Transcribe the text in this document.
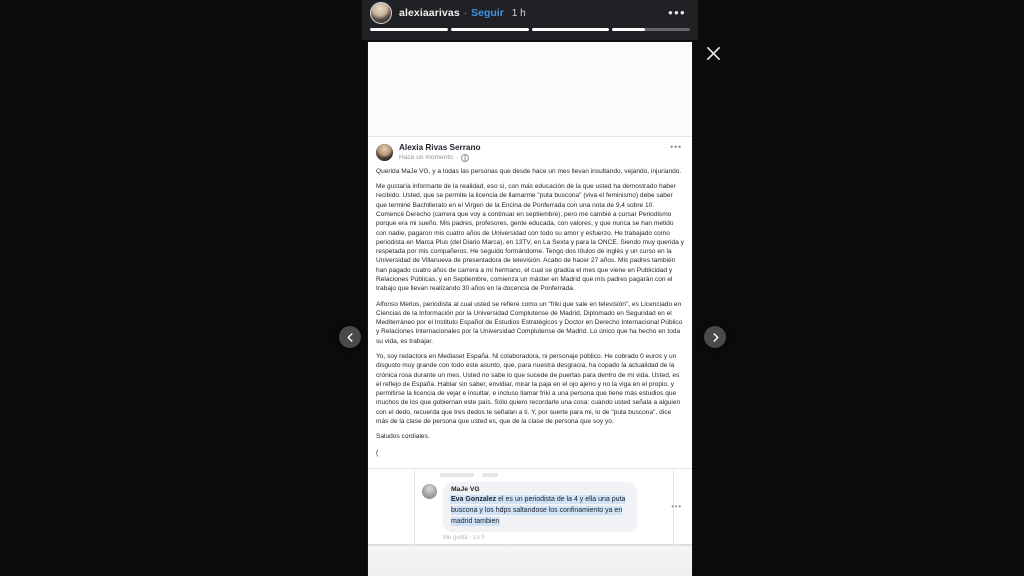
alexiaarivas · Seguir 1 h	•••
Alexia Rivas Serrano
Hace un momento ·
•••

Querida MaJe VG, y a todas las personas que desde hace un mes llevan insultando, vejando, injuriando.

Me gustaría informarte de la realidad, eso sí, con más educación de la que usted ha demostrado haber recibido. Usted, que se permite la licencia de llamarme "puta buscona" (viva el feminismo) debe saber que terminé Bachillerato en el Virgen de la Encina de Ponferrada con una nota de 9,4 sobre 10. Comencé Derecho (carrera que voy a continuar en septiembre), pero me cambié a cursar Periodismo porque era mi sueño. Mis padres, profesores, gente educada, con valores, y que nunca se han metido con nadie, pagaron mis cuatro años de Universidad con todo su amor y esfuerzo. He trabajado como periodista en Marca Plus (del Diario Marca), en 13TV, en La Sexta y para la ONCE. Siendo muy querida y respetada por mis compañeros. He seguido formándome. Tengo dos títulos de inglés y un curso en la Universidad de Villanueva de presentadora de televisión. Acabo de hacer 27 años. Mis padres también han pagado cuatro años de carrera a mi hermano, el cual se gradúa el mes que viene en Publicidad y Relaciones Públicas, y en Septiembre, comienza un máster en Madrid que mis padres pagarán con el trabajo que llevan realizando 30 años en la docencia de Ponferrada.

Alfonso Merlos, periodista al cual usted se refiere como un "friki que sale en televisión", es Licenciado en Ciencias de la Información por la Universidad Complutense de Madrid, Diplomado en Seguridad en el Mediterráneo por el Instituto Español de Estudios Estratégicos y Doctor en Derecho Internacional Público y Relaciones Internacionales por la Universidad Complutense de Madrid. Lo único que ha hecho en toda su vida, es trabajar.

Yo, soy redactora en Mediaset España. Ni colaboradora, ni personaje público. He cobrado 0 euros y un disgusto muy grande con todo este asunto, que, para nuestra desgracia, ha copado la actualidad de la crónica rosa durante un mes. Usted no sabe lo que sucede de puertas para dentro de mi vida. Usted, es el reflejo de España. Hablar sin saber, envidiar, mirar la paja en el ojo ajeno y no la viga en el propio, y permitirse la licencia de vejar e insultar, e incluso llamar friki a una persona que tiene más estudios que muchos de los que gobiernan este país. Sólo quiero recordarle una cosa: cuando usted señala a alguien con el dedo, recuerda que tres dedos te señalan a ti. Y, por suerte para mi, lo de "puta buscona", dice más de la clase de persona que usted es, que de la clase de persona que soy yo.

Saludos cordiales.

(

MaJe VG
Eva Gonzalez el es un periodista de la 4 y ella una puta buscona y los hdps saltandose los confinamiento ya en madrid tambien
•••
Me gusta · 13 h
